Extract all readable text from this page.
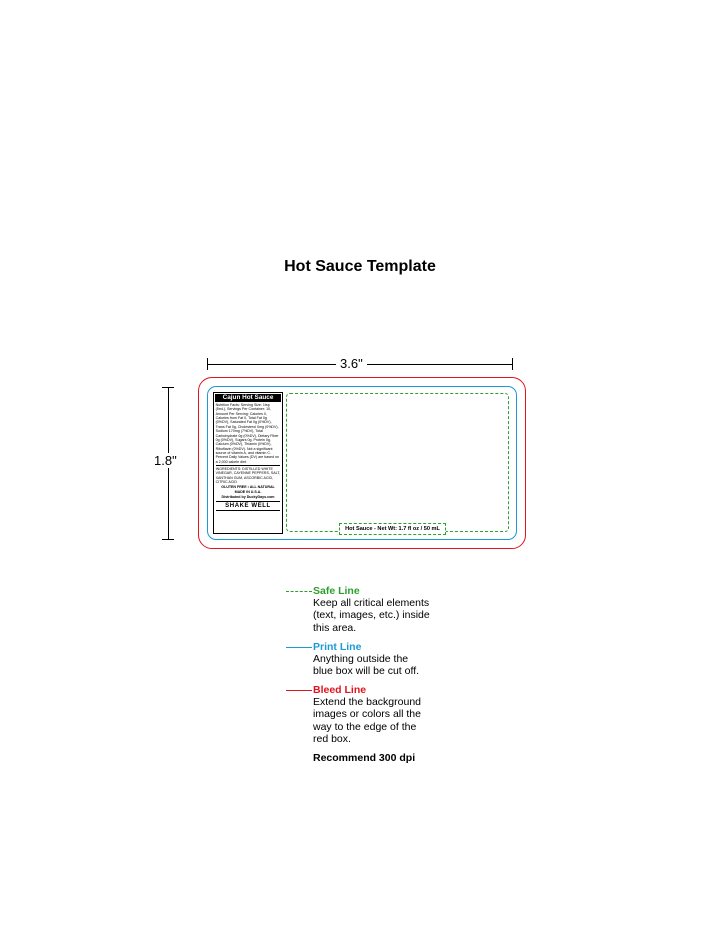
Hot Sauce Template
3.6"
1.8"
Hot Sauce - Net Wt: 1.7 fl oz / 50 mL
Cajun Hot Sauce

Nutrition Facts: Serving Size: 1tsp (5mL), Servings Per Container: 10, Amount Per Serving: Calories 0, Calories from Fat 0, Total Fat 0g (0%DV), Saturated Fat 0g (0%DV), Trans Fat 0g, Cholesterol 0mg (0%DV), Sodium 170mg (7%DV), Total Carbohydrate 0g (0%DV), Dietary Fiber 0g (0%DV), Sugars 0g, Protein 0g, Calcium (0%DV), Thiamin (0%DV), Riboflavin (0%DV). Not a significant source of vitamin A, and vitamin C. Percent Daily Values (DV) are based on a 2,000 calorie diet.

INGREDIENTS: DISTILLED WHITE VINEGAR, CAYENNE PEPPERS, SALT, XANTHAN GUM, ASCORBIC ACID, CITRIC ACID

GLUTEN FREE • ALL NATURAL MADE IN U.S.A.
Distributed by DuckyDays.com
SHAKE WELL
Safe Line
Keep all critical elements (text, images, etc.) inside this area.
Print Line
Anything outside the blue box will be cut off.
Bleed Line
Extend the background images or colors all the way to the edge of the red box.
Recommend 300 dpi
